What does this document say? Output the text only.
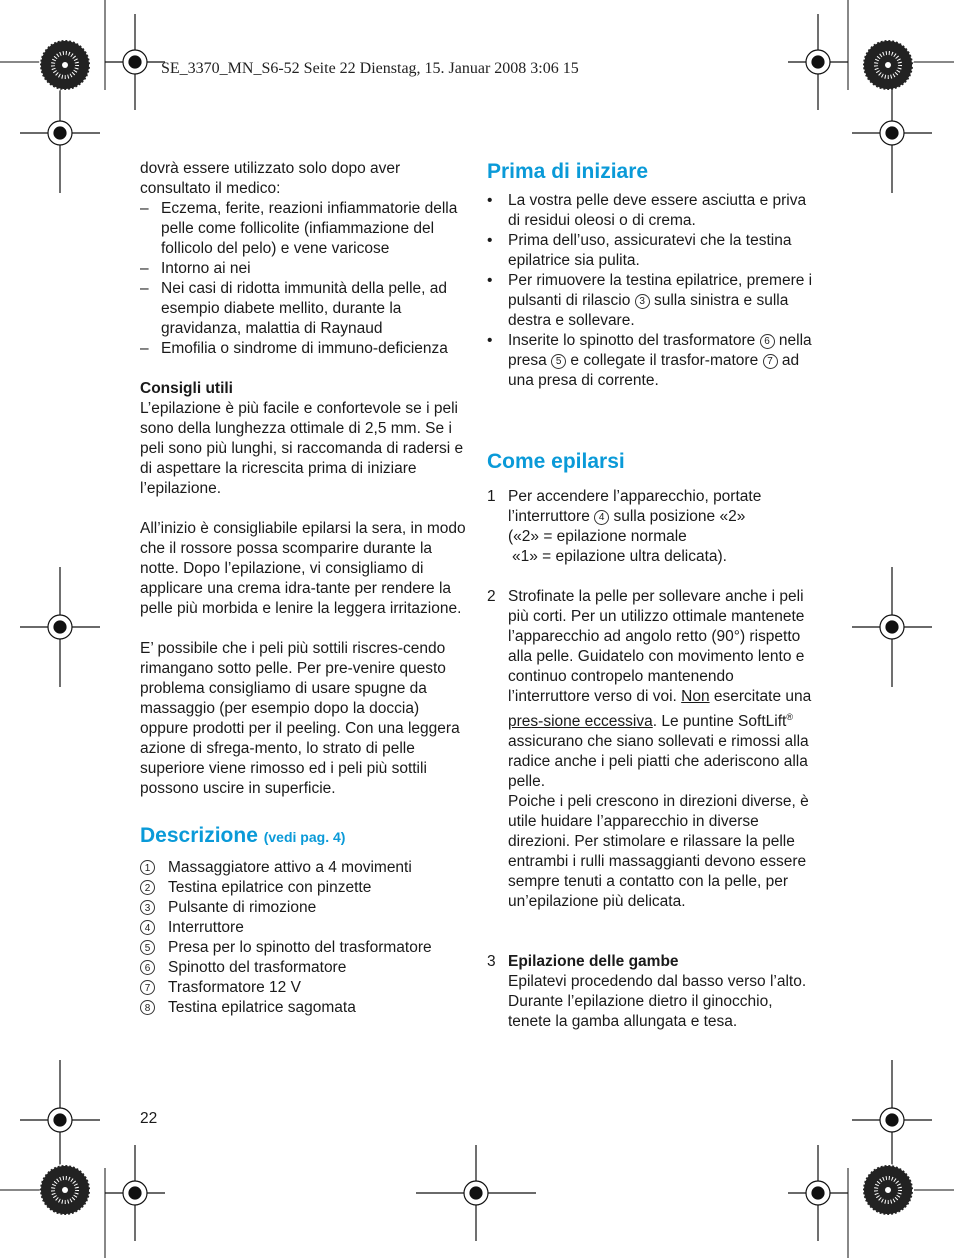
SE_3370_MN_S6-52 Seite 22 Dienstag, 15. Januar 2008 3:06 15

dovrà essere utilizzato solo dopo aver consultato il medico:

– Eczema, ferite, reazioni infiammatorie della pelle come follicolite (infiammazione del follicolo del pelo) e vene varicose
– Intorno ai nei
– Nei casi di ridotta immunità della pelle, ad esempio diabete mellito, durante la gravidanza, malattia di Raynaud
– Emofilia o sindrome di immuno-deficienza

Consigli utili

L’epilazione è più facile e confortevole se i peli sono della lunghezza ottimale di 2,5 mm. Se i peli sono più lunghi, si raccomanda di radersi e di aspettare la ricrescita prima di iniziare l’epilazione.

All’inizio è consigliabile epilarsi la sera, in modo che il rossore possa scomparire durante la notte. Dopo l’epilazione, vi consigliamo di applicare una crema idra-tante per rendere la pelle più morbida e lenire la leggera irritazione.

E’ possibile che i peli più sottili riscres-cendo rimangano sotto pelle. Per pre-venire questo problema consigliamo di usare spugne da massaggio (per esempio dopo la doccia) oppure prodotti per il peeling. Con una leggera azione di sfrega-mento, lo strato di pelle superiore viene rimosso ed i peli più sottili possono uscire in superficie.

Descrizione (vedi pag. 4)
1	Massaggiatore attivo a 4 movimenti
2	Testina epilatrice con pinzette
3	Pulsante di rimozione
4	Interruttore
5	Presa per lo spinotto del trasformatore
6	Spinotto del trasformatore
7	Trasformatore 12 V
8	Testina epilatrice sagomata
22
Prima di iniziare
• La vostra pelle deve essere asciutta e priva di residui oleosi o di crema.
• Prima dell’uso, assicuratevi che la testina epilatrice sia pulita.
• Per rimuovere la testina epilatrice, premere i pulsanti di rilascio 3 sulla sinistra e sulla destra e sollevare.
• Inserite lo spinotto del trasformatore 6 nella presa 5 e collegate il trasfor-matore 7 ad una presa di corrente.
Come epilarsi
1 Per accendere l’apparecchio, portate l’interruttore 4 sulla posizione «2»
(«2» = epilazione normale
«1» = epilazione ultra delicata).
2 Strofinate la pelle per sollevare anche i peli più corti. Per un utilizzo ottimale mantenete l’apparecchio ad angolo retto (90°) rispetto alla pelle. Guidatelo con movimento lento e continuo contropelo mantenendo l’interruttore verso di voi. Non esercitate una pres-sione eccessiva. Le puntine SoftLift® assicurano che siano sollevati e rimossi alla radice anche i peli piatti che aderiscono alla pelle.
Poiche i peli crescono in direzioni diverse, è utile huidare l’apparecchio in diverse direzioni. Per stimolare e rilassare la pelle entrambi i rulli massaggianti devono essere sempre tenuti a contatto con la pelle, per un’epilazione più delicata.
3 Epilazione delle gambe
Epilatevi procedendo dal basso verso l’alto. Durante l’epilazione dietro il ginocchio, tenete la gamba allungata e tesa.
